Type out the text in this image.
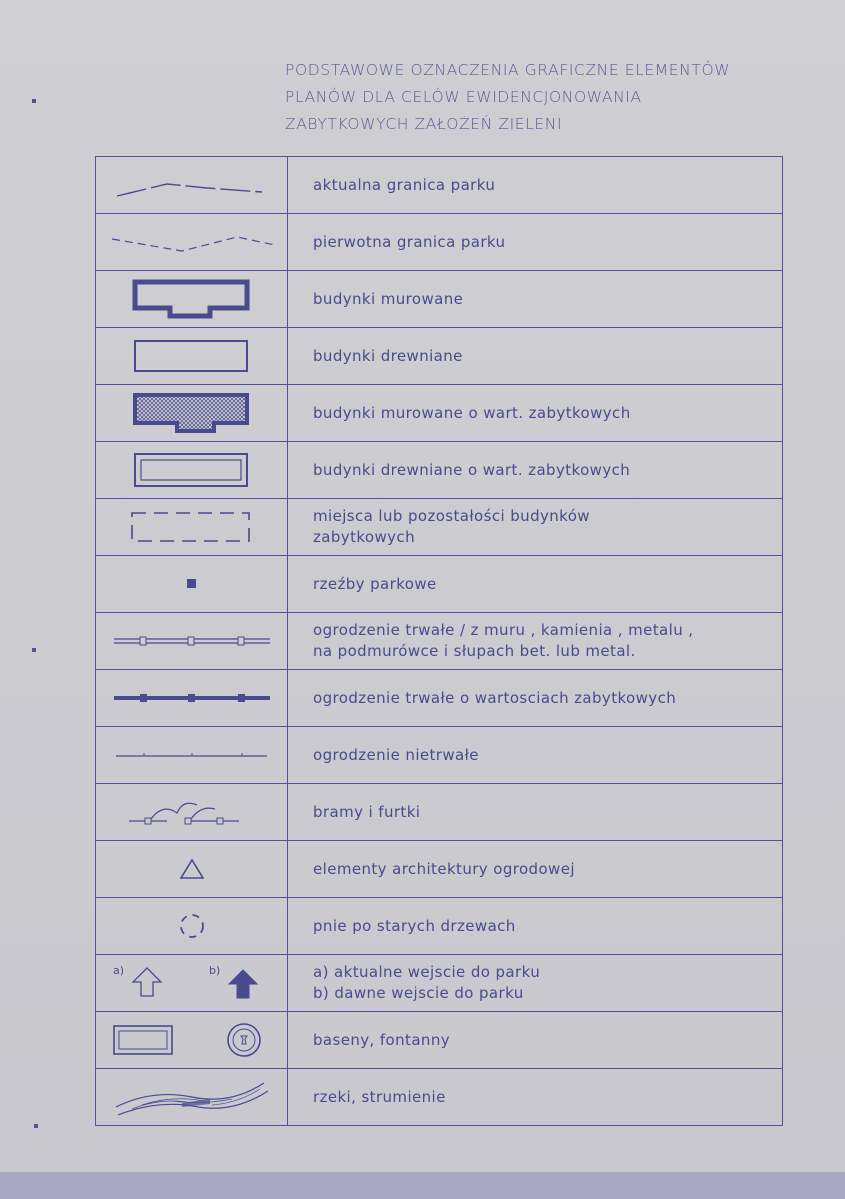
PODSTAWOWE OZNACZENIA GRAFICZNE ELEMENTÓW
PLANÓW DLA CELÓW EWIDENCJONOWANIA
ZABYTKOWYCH ZAŁOŻEŃ ZIELENI

aktualna granica parku

pierwotna granica parku

budynki murowane

budynki drewniane

budynki murowane o wart. zabytkowych

budynki drewniane o wart. zabytkowych

miejsca lub pozostałości budynków
zabytkowych

rzeźby parkowe

ogrodzenie trwałe / z muru , kamienia , metalu ,
na podmurówce i słupach bet. lub metal.

ogrodzenie trwałe o wartosciach zabytkowych

ogrodzenie nietrwałe

bramy i furtki

elementy architektury ogrodowej

pnie po starych drzewach

a) b)	a) aktualne wejscie do parku
b) dawne wejscie do parku

baseny, fontanny

rzeki, strumienie
